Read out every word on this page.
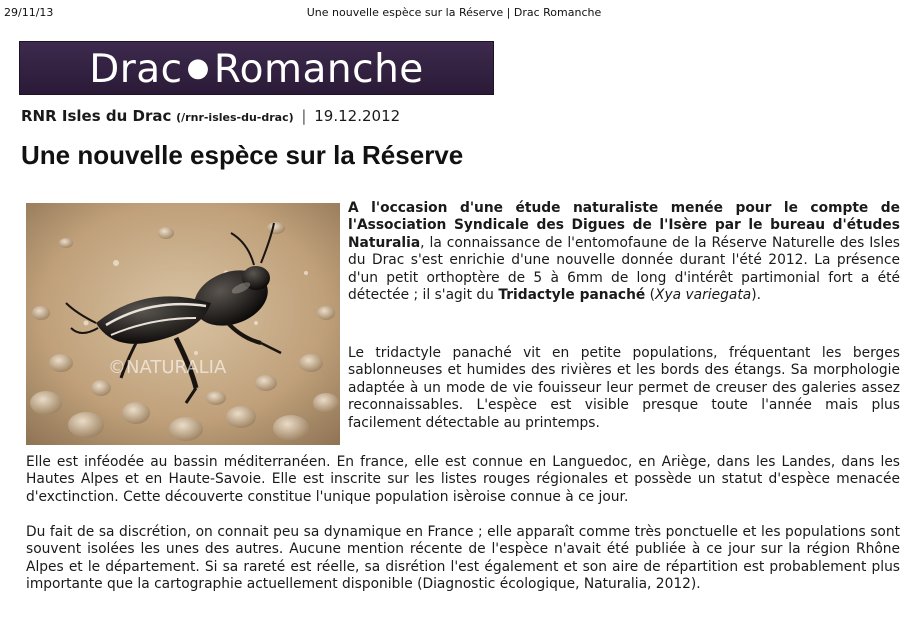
29/11/13	Une nouvelle espèce sur la Réserve | Drac Romanche
Drac ● Romanche
RNR Isles du Drac (/rnr-isles-du-drac) | 19.12.2012
Une nouvelle espèce sur la Réserve
©NATURALIA

A l'occasion d'une étude naturaliste menée pour le compte de l'Association Syndicale des Digues de l'Isère par le bureau d'études Naturalia, la connaissance de l'entomofaune de la Réserve Naturelle des Isles du Drac s'est enrichie d'une nouvelle donnée durant l'été 2012. La présence d'un petit orthoptère de 5 à 6mm de long d'intérêt partimonial fort a été détectée ; il s'agit du Tridactyle panaché (Xya variegata).

Le tridactyle panaché vit en petite populations, fréquentant les berges sablonneuses et humides des rivières et les bords des étangs. Sa morphologie adaptée à un mode de vie fouisseur leur permet de creuser des galeries assez reconnaissables. L'espèce est visible presque toute l'année mais plus facilement détectable au printemps.

Elle est inféodée au bassin méditerranéen. En france, elle est connue en Languedoc, en Ariège, dans les Landes, dans les Hautes Alpes et en Haute-Savoie. Elle est inscrite sur les listes rouges régionales et possède un statut d'espèce menacée d'exctinction. Cette découverte constitue l'unique population isèroise connue à ce jour.

Du fait de sa discrétion, on connait peu sa dynamique en France ; elle apparaît comme très ponctuelle et les populations sont souvent isolées les unes des autres. Aucune mention récente de l'espèce n'avait été publiée à ce jour sur la région Rhône Alpes et le département. Si sa rareté est réelle, sa disrétion l'est également et son aire de répartition est probablement plus importante que la cartographie actuellement disponible (Diagnostic écologique, Naturalia, 2012).
